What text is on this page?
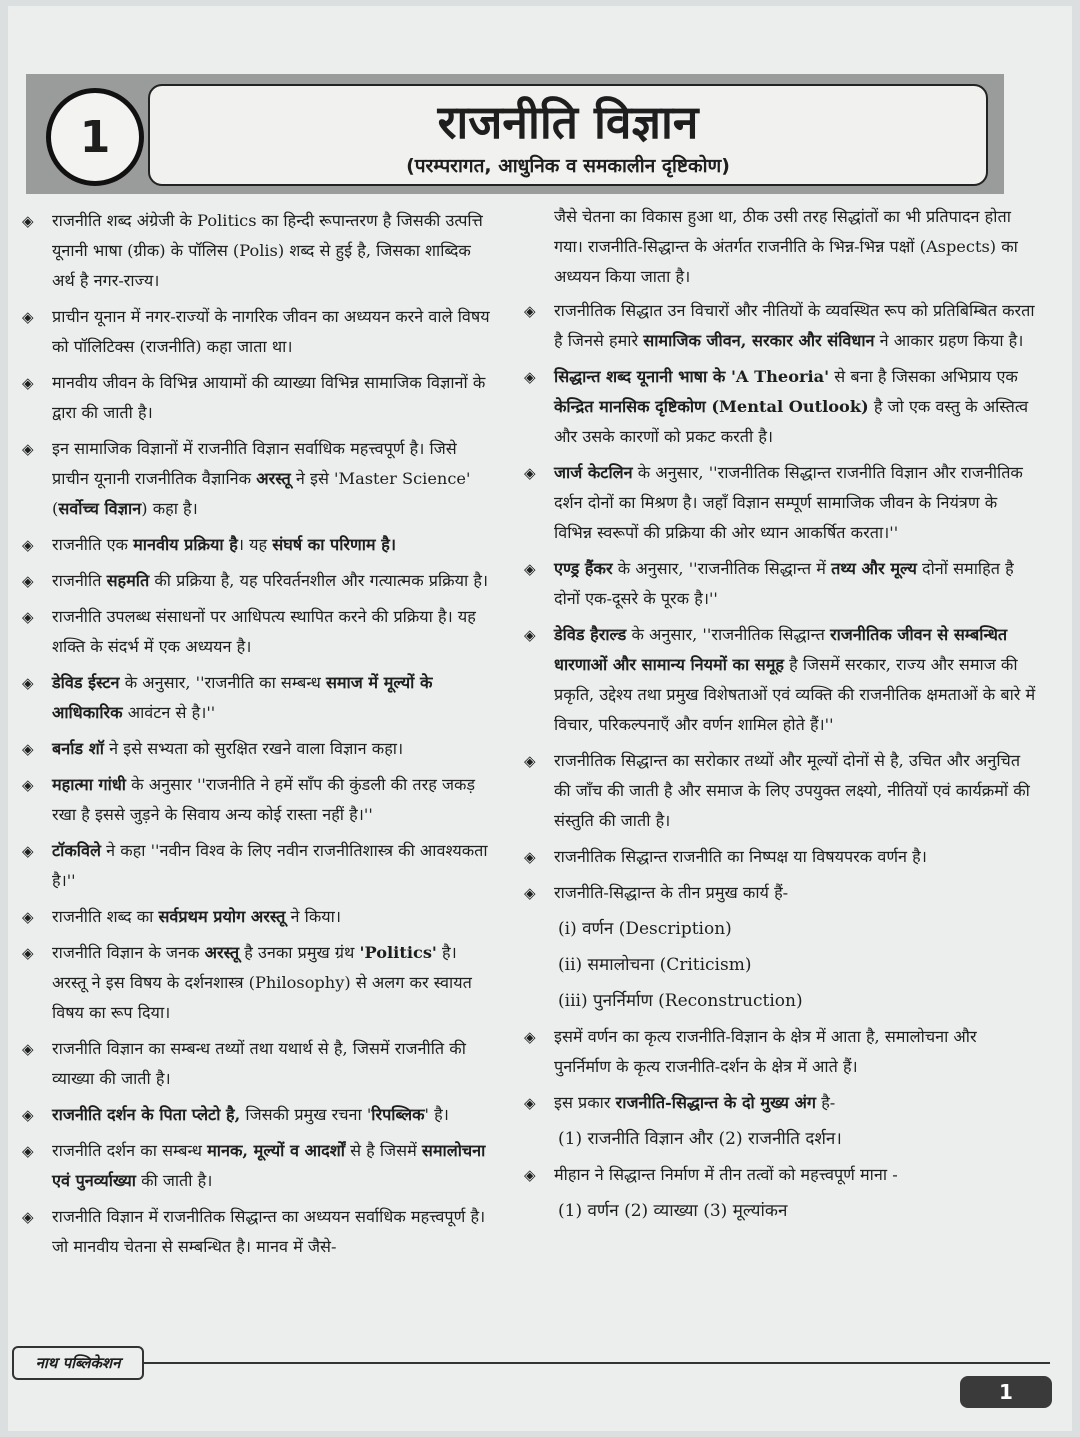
1	राजनीति विज्ञान
(परम्परागत, आधुनिक व समकालीन दृष्टिकोण)
◈ राजनीति शब्द अंग्रेजी के Politics का हिन्दी रूपान्तरण है जिसकी उत्पत्ति यूनानी भाषा (ग्रीक) के पॉलिस (Polis) शब्द से हुई है, जिसका शाब्दिक अर्थ है नगर-राज्य।
◈ प्राचीन यूनान में नगर-राज्यों के नागरिक जीवन का अध्ययन करने वाले विषय को पॉलिटिक्स (राजनीति) कहा जाता था।
◈ मानवीय जीवन के विभिन्न आयामों की व्याख्या विभिन्न सामाजिक विज्ञानों के द्वारा की जाती है।
◈ इन सामाजिक विज्ञानों में राजनीति विज्ञान सर्वाधिक महत्त्वपूर्ण है। जिसे प्राचीन यूनानी राजनीतिक वैज्ञानिक अरस्तू ने इसे 'Master Science' (सर्वोच्च विज्ञान) कहा है।
◈ राजनीति एक मानवीय प्रक्रिया है। यह संघर्ष का परिणाम है।
◈ राजनीति सहमति की प्रक्रिया है, यह परिवर्तनशील और गत्यात्मक प्रक्रिया है।
◈ राजनीति उपलब्ध संसाधनों पर आधिपत्य स्थापित करने की प्रक्रिया है। यह शक्ति के संदर्भ में एक अध्ययन है।
◈ डेविड ईस्टन के अनुसार, ''राजनीति का सम्बन्ध समाज में मूल्यों के आधिकारिक आवंटन से है।''
◈ बर्नाड शॉ ने इसे सभ्यता को सुरक्षित रखने वाला विज्ञान कहा।
◈ महात्मा गांधी के अनुसार ''राजनीति ने हमें साँप की कुंडली की तरह जकड़ रखा है इससे जुड़ने के सिवाय अन्य कोई रास्ता नहीं है।''
◈ टॉकविले ने कहा ''नवीन विश्व के लिए नवीन राजनीतिशास्त्र की आवश्यकता है।''
◈ राजनीति शब्द का सर्वप्रथम प्रयोग अरस्तू ने किया।
◈ राजनीति विज्ञान के जनक अरस्तू है उनका प्रमुख ग्रंथ 'Politics' है। अरस्तू ने इस विषय के दर्शनशास्त्र (Philosophy) से अलग कर स्वायत विषय का रूप दिया।
◈ राजनीति विज्ञान का सम्बन्ध तथ्यों तथा यथार्थ से है, जिसमें राजनीति की व्याख्या की जाती है।
◈ राजनीति दर्शन के पिता प्लेटो है, जिसकी प्रमुख रचना 'रिपब्लिक' है।
◈ राजनीति दर्शन का सम्बन्ध मानक, मूल्यों व आदर्शों से है जिसमें समालोचना एवं पुनर्व्याख्या की जाती है।
◈ राजनीति विज्ञान में राजनीतिक सिद्धान्त का अध्ययन सर्वाधिक महत्त्वपूर्ण है। जो मानवीय चेतना से सम्बन्धित है। मानव में जैसे-
जैसे चेतना का विकास हुआ था, ठीक उसी तरह सिद्धांतों का भी प्रतिपादन होता गया। राजनीति-सिद्धान्त के अंतर्गत राजनीति के भिन्न-भिन्न पक्षों (Aspects) का अध्ययन किया जाता है।
◈ राजनीतिक सिद्धात उन विचारों और नीतियों के व्यवस्थित रूप को प्रतिबिम्बित करता है जिनसे हमारे सामाजिक जीवन, सरकार और संविधान ने आकार ग्रहण किया है।
◈ सिद्धान्त शब्द यूनानी भाषा के 'A Theoria' से बना है जिसका अभिप्राय एक केन्द्रित मानसिक दृष्टिकोण (Mental Outlook) है जो एक वस्तु के अस्तित्व और उसके कारणों को प्रकट करती है।
◈ जार्ज केटलिन के अनुसार, ''राजनीतिक सिद्धान्त राजनीति विज्ञान और राजनीतिक दर्शन दोनों का मिश्रण है। जहाँ विज्ञान सम्पूर्ण सामाजिक जीवन के नियंत्रण के विभिन्न स्वरूपों की प्रक्रिया की ओर ध्यान आकर्षित करता।''
◈ एण्ड्र हैंकर के अनुसार, ''राजनीतिक सिद्धान्त में तथ्य और मूल्य दोनों समाहित है दोनों एक-दूसरे के पूरक है।''
◈ डेविड हैराल्ड के अनुसार, ''राजनीतिक सिद्धान्त राजनीतिक जीवन से सम्बन्धित धारणाओं और सामान्य नियमों का समूह है जिसमें सरकार, राज्य और समाज की प्रकृति, उद्देश्य तथा प्रमुख विशेषताओं एवं व्यक्ति की राजनीतिक क्षमताओं के बारे में विचार, परिकल्पनाएँ और वर्णन शामिल होते हैं।''
◈ राजनीतिक सिद्धान्त का सरोकार तथ्यों और मूल्यों दोनों से है, उचित और अनुचित की जाँच की जाती है और समाज के लिए उपयुक्त लक्ष्यो, नीतियों एवं कार्यक्रमों की संस्तुति की जाती है।
◈ राजनीतिक सिद्धान्त राजनीति का निष्पक्ष या विषयपरक वर्णन है।
◈ राजनीति-सिद्धान्त के तीन प्रमुख कार्य हैं-
(i) वर्णन (Description)
(ii) समालोचना (Criticism)
(iii) पुनर्निर्माण (Reconstruction)
◈ इसमें वर्णन का कृत्य राजनीति-विज्ञान के क्षेत्र में आता है, समालोचना और पुनर्निर्माण के कृत्य राजनीति-दर्शन के क्षेत्र में आते हैं।
◈ इस प्रकार राजनीति-सिद्धान्त के दो मुख्य अंग है-
(1) राजनीति विज्ञान और (2) राजनीति दर्शन।
◈ मीहान ने सिद्धान्त निर्माण में तीन तत्वों को महत्त्वपूर्ण माना -
(1) वर्णन (2) व्याख्या (3) मूल्यांकन
नाथ पब्लिकेशन
1
